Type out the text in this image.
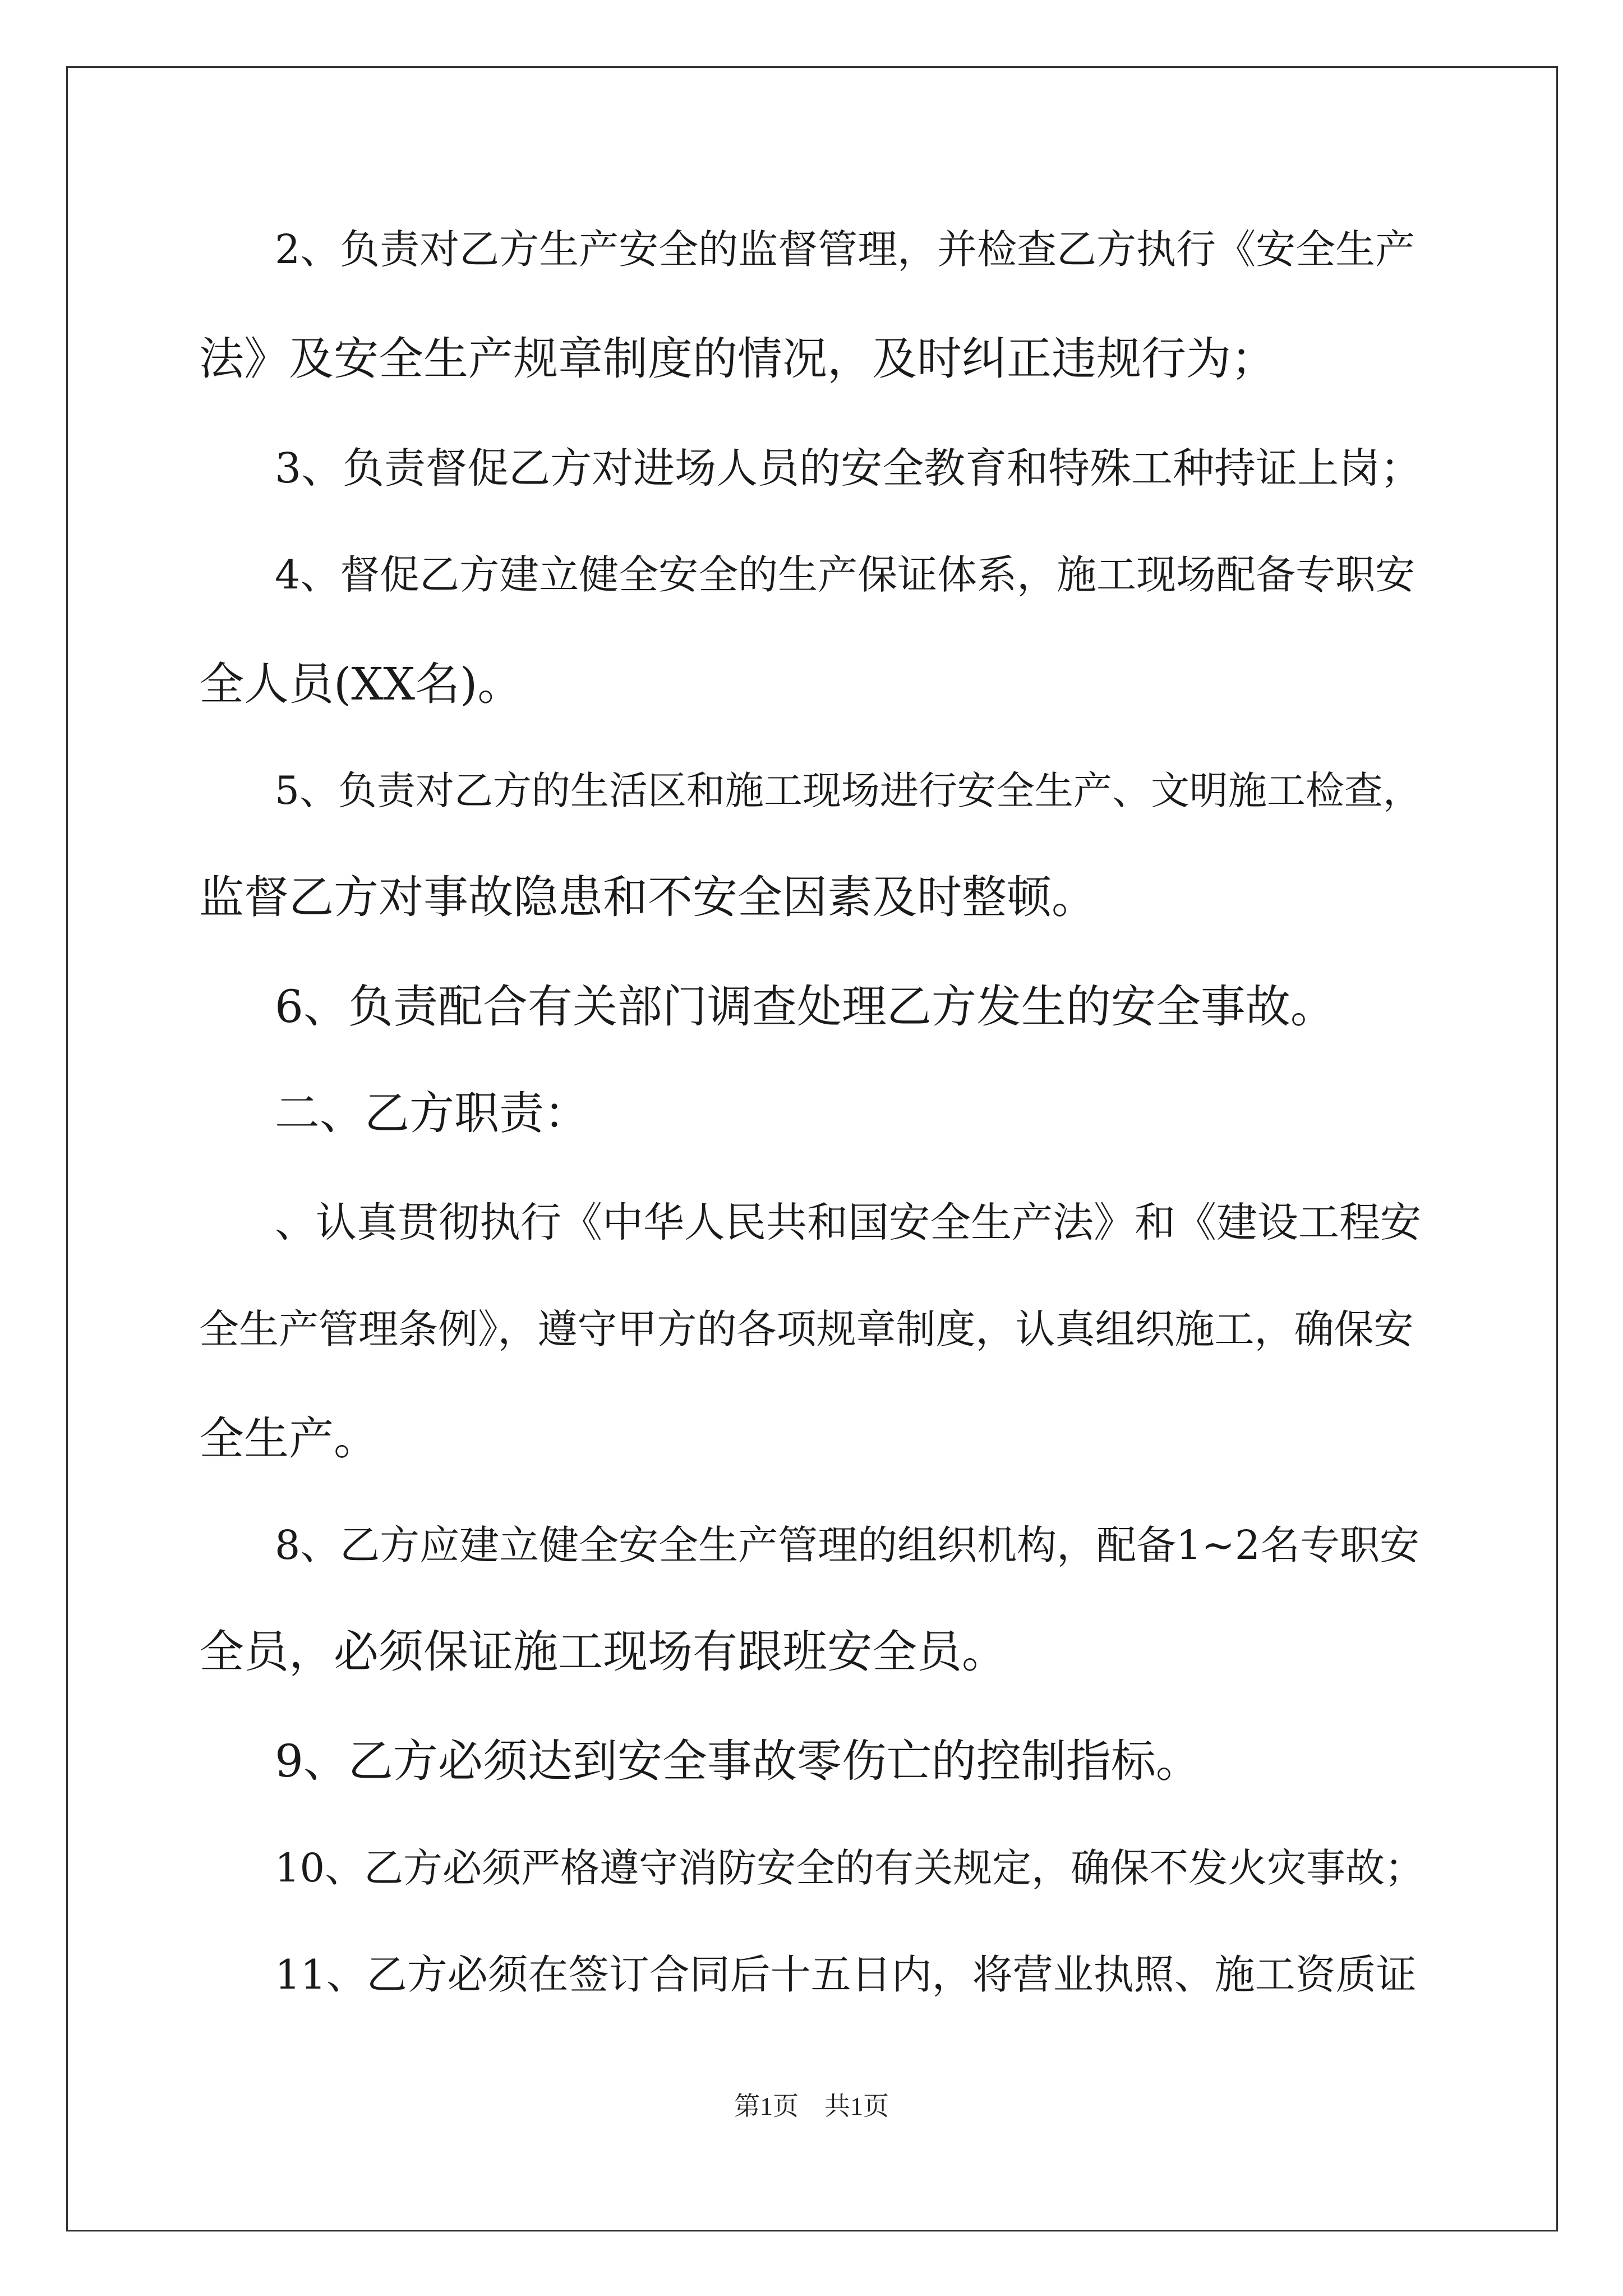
2、负责对乙方生产安全的监督管理，并检查乙方执行《安全生产
法》及安全生产规章制度的情况，及时纠正违规行为；
3、负责督促乙方对进场人员的安全教育和特殊工种持证上岗；
4、督促乙方建立健全安全的生产保证体系，施工现场配备专职安
全人员(XX名)。
5、负责对乙方的生活区和施工现场进行安全生产、文明施工检查，
监督乙方对事故隐患和不安全因素及时整顿。
6、负责配合有关部门调查处理乙方发生的安全事故。
二、乙方职责：
、认真贯彻执行《中华人民共和国安全生产法》和《建设工程安
全生产管理条例》，遵守甲方的各项规章制度，认真组织施工，确保安
全生产。
8、乙方应建立健全安全生产管理的组织机构，配备1~2名专职安
全员，必须保证施工现场有跟班安全员。
9、乙方必须达到安全事故零伤亡的控制指标。
10、乙方必须严格遵守消防安全的有关规定，确保不发火灾事故；
11、乙方必须在签订合同后十五日内，将营业执照、施工资质证
第1页　共1页
